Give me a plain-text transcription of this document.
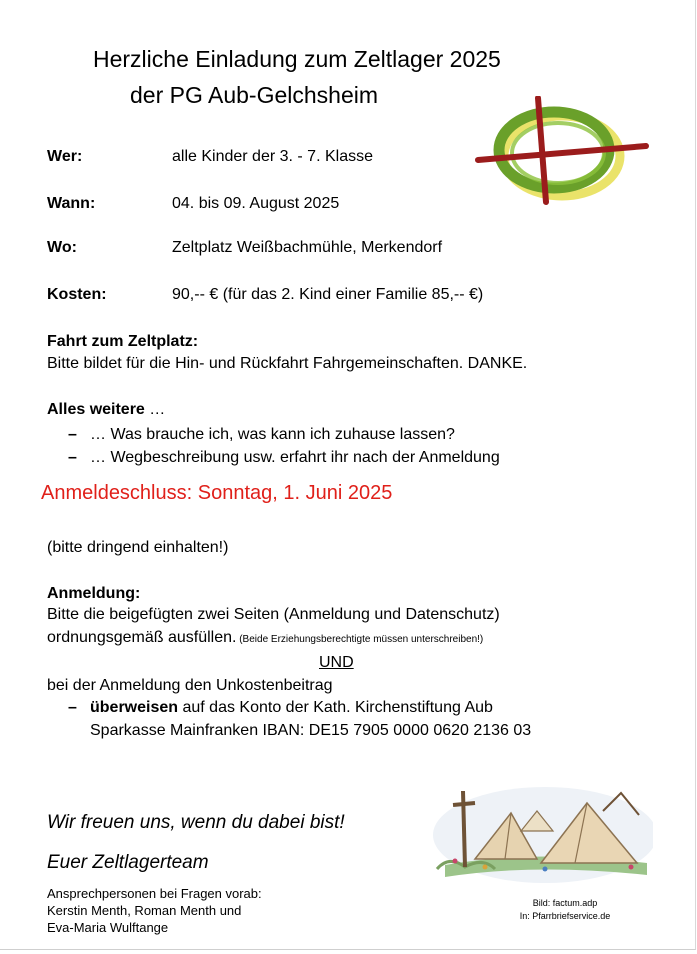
Herzliche Einladung zum Zeltlager 2025
der PG Aub-Gelchsheim
Wer:	alle Kinder der 3. - 7. Klasse
Wann:	04. bis 09. August 2025
Wo:	Zeltplatz Weißbachmühle, Merkendorf
Kosten:	90,-- € (für das 2. Kind einer Familie 85,-- €)
Fahrt zum Zeltplatz:
Bitte bildet für die Hin- und Rückfahrt Fahrgemeinschaften. DANKE.
Alles weitere …
– … Was brauche ich, was kann ich zuhause lassen?
– … Wegbeschreibung usw. erfahrt ihr nach der Anmeldung
Anmeldeschluss: Sonntag, 1. Juni 2025
(bitte dringend einhalten!)
Anmeldung:
Bitte die beigefügten zwei Seiten (Anmeldung und Datenschutz)
ordnungsgemäß ausfüllen. (Beide Erziehungsberechtigte müssen unterschreiben!)
UND
bei der Anmeldung den Unkostenbeitrag
– überweisen auf das Konto der Kath. Kirchenstiftung Aub
Sparkasse Mainfranken IBAN: DE15 7905 0000 0620 2136 03
Wir freuen uns, wenn du dabei bist!
Euer Zeltlagerteam
Ansprechpersonen bei Fragen vorab:
Kerstin Menth, Roman Menth und
Eva-Maria Wulftange
Bild: factum.adp
In: Pfarrbriefservice.de
